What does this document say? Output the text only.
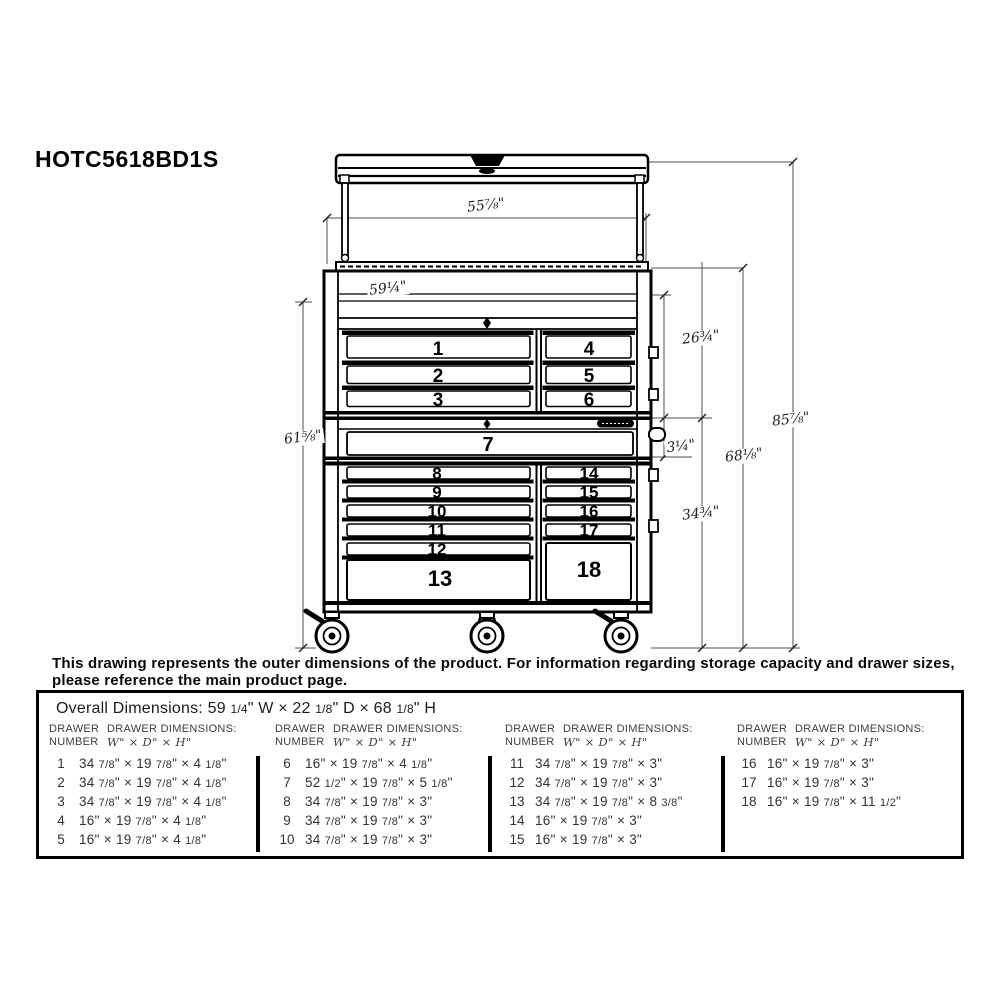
HOTC5618BD1S
1
2
3
4
5
6
7
8
9
10
11
12
13
14
15
16
17
18
55⅞"
59¼"
26¾"
3¼"
34¾"
61⅝"
68⅛"
85⅞"
This drawing represents the outer dimensions of the product. For information regarding storage capacity and drawer sizes,
please reference the main product page.
Overall Dimensions: 59 1/4" W × 22 1/8" D × 68 1/8" H
DRAWER DRAWER DIMENSIONS:
NUMBER W" × D" × H"
1	34 7/8" × 19 7/8" × 4 1/8"
2	34 7/8" × 19 7/8" × 4 1/8"
3	34 7/8" × 19 7/8" × 4 1/8"
4	16" × 19 7/8" × 4 1/8"
5	16" × 19 7/8" × 4 1/8"
DRAWER DRAWER DIMENSIONS:
NUMBER W" × D" × H"
6	16" × 19 7/8" × 4 1/8"
7	52 1/2" × 19 7/8" × 5 1/8"
8	34 7/8" × 19 7/8" × 3"
9	34 7/8" × 19 7/8" × 3"
10 34 7/8" × 19 7/8" × 3"
DRAWER DRAWER DIMENSIONS:
NUMBER W" × D" × H"
11 34 7/8" × 19 7/8" × 3"
12 34 7/8" × 19 7/8" × 3"
13 34 7/8" × 19 7/8" × 8 3/8"
14 16" × 19 7/8" × 3"
15 16" × 19 7/8" × 3"
DRAWER DRAWER DIMENSIONS:
NUMBER W" × D" × H"
16 16" × 19 7/8" × 3"
17 16" × 19 7/8" × 3"
18 16" × 19 7/8" × 11 1/2"
